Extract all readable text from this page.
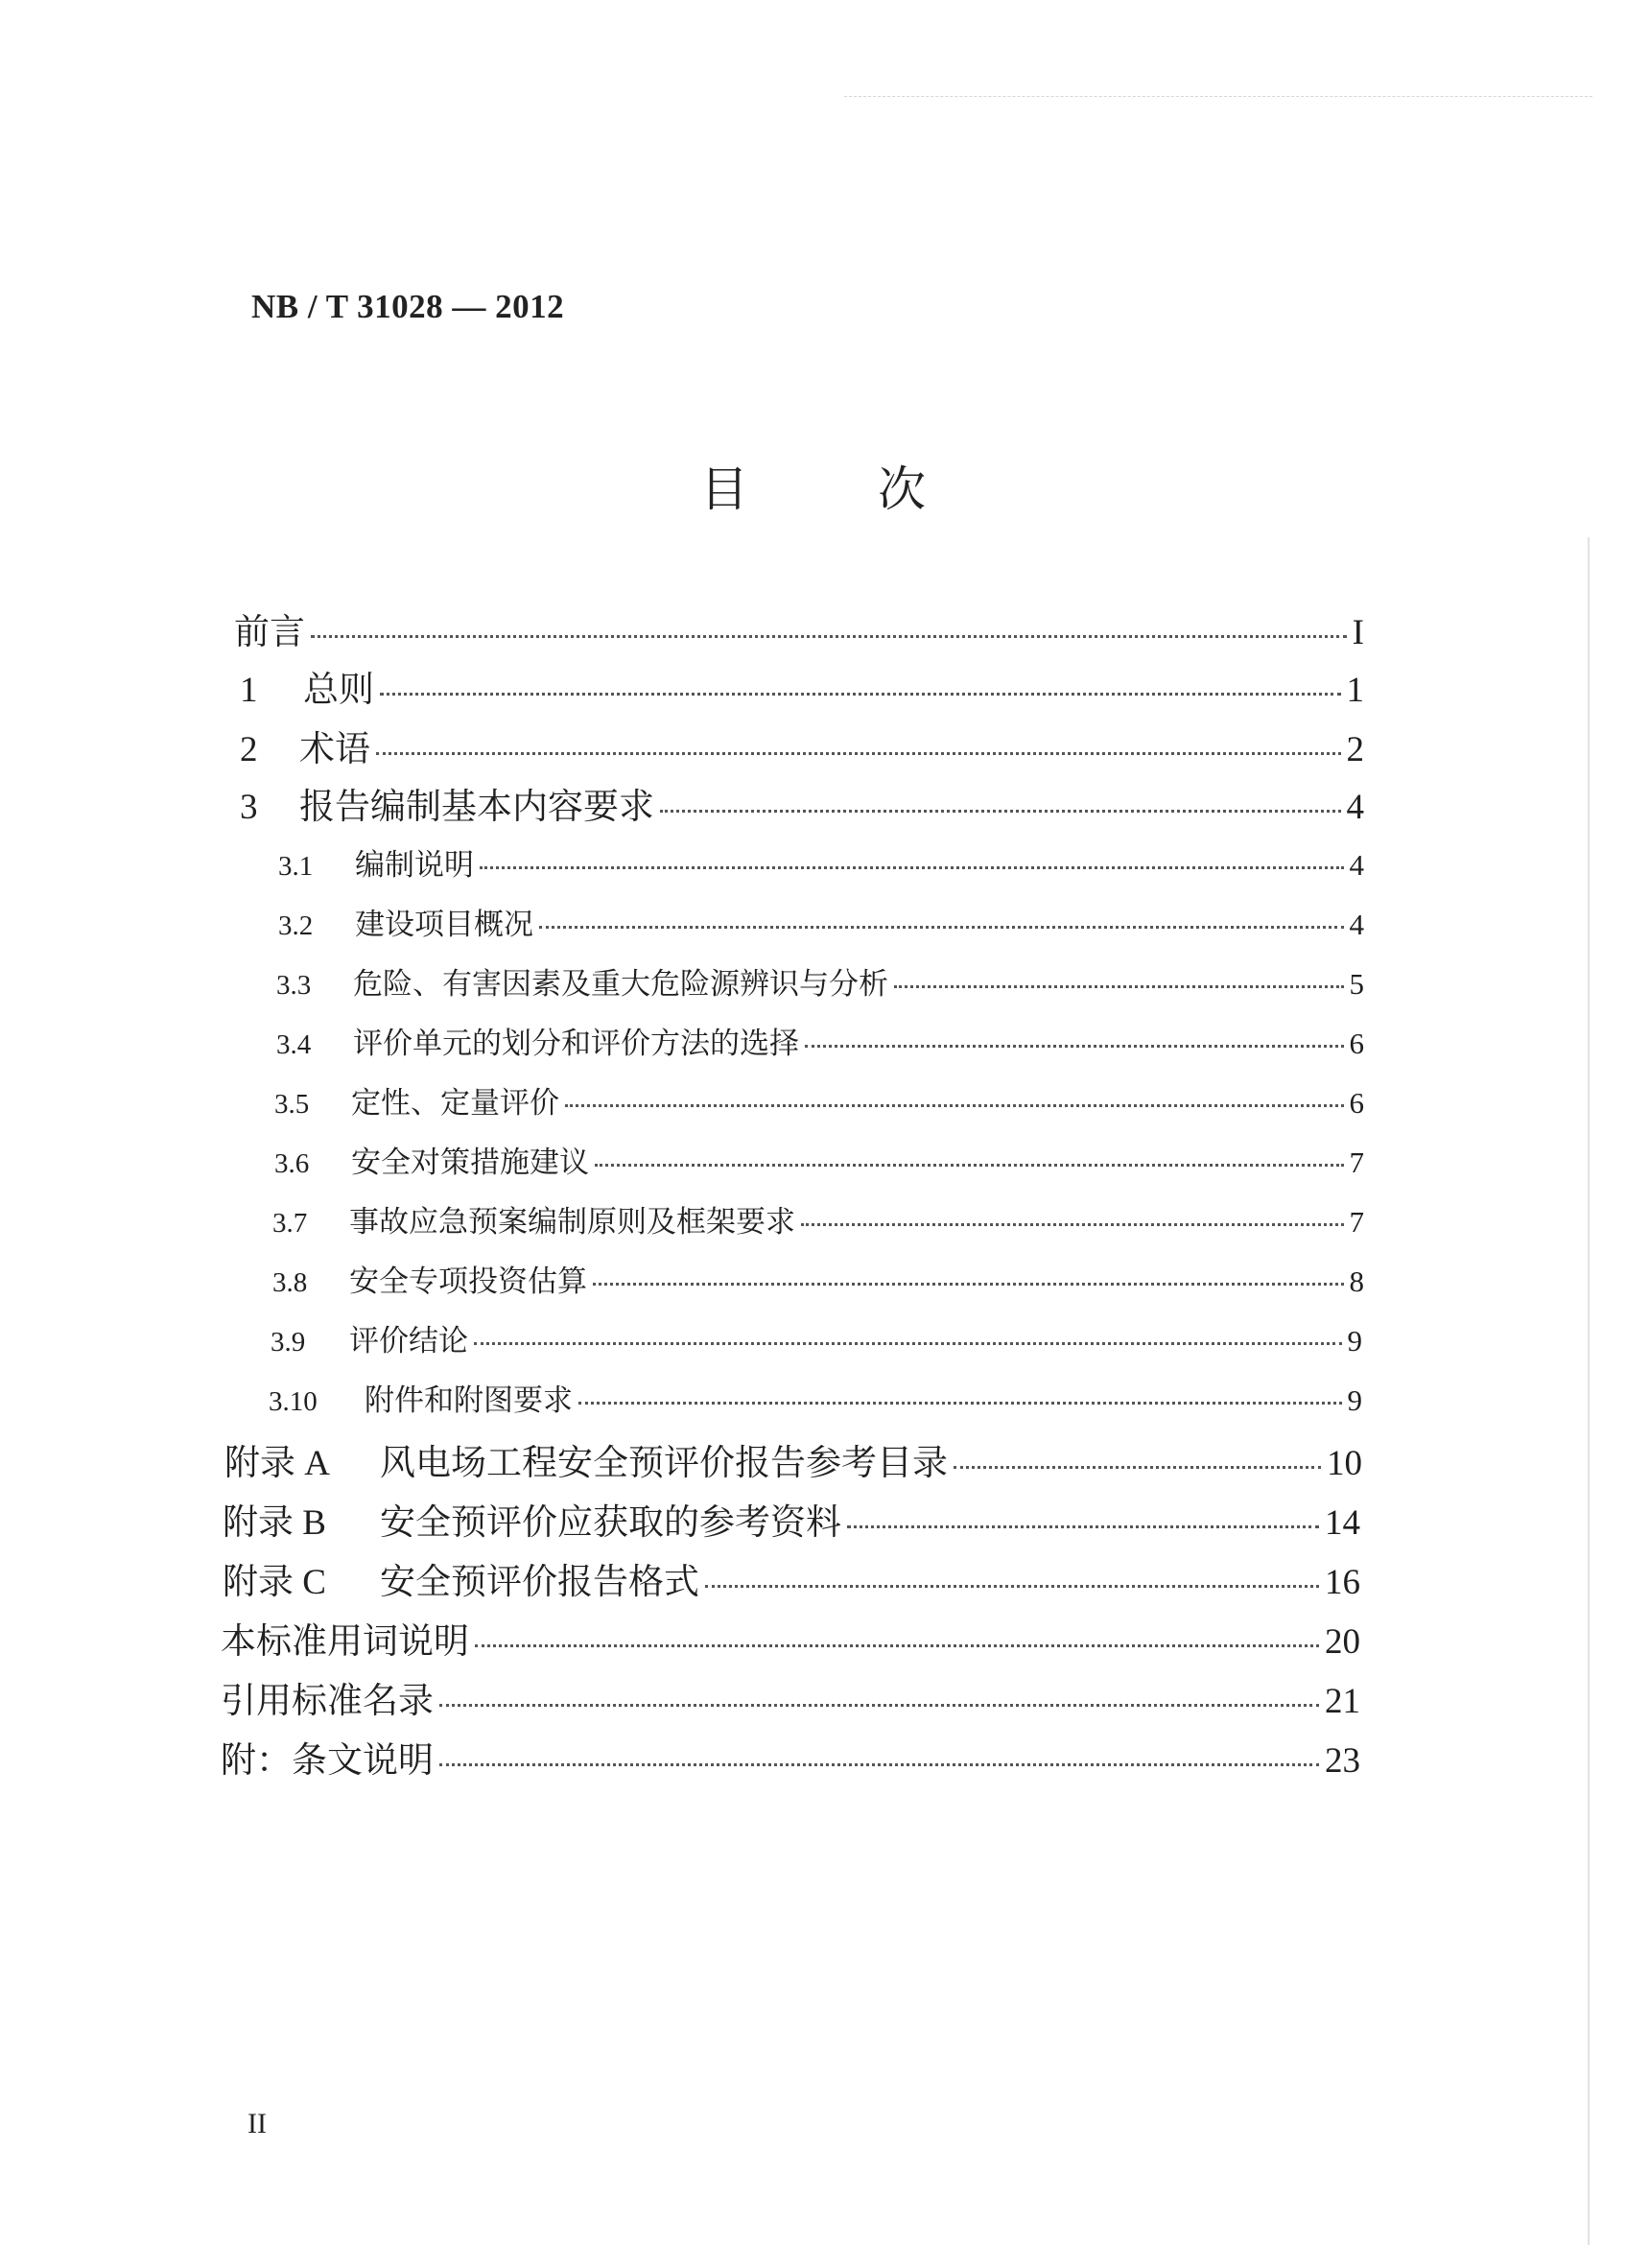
NB / T 31028 — 2012
目	次
前言	I
1	总则	1
2	术语	2
3	报告编制基本内容要求	4
3.1	编制说明	4
3.2	建设项目概况	4
3.3	危险、有害因素及重大危险源辨识与分析	5
3.4	评价单元的划分和评价方法的选择	6
3.5	定性、定量评价	6
3.6	安全对策措施建议	7
3.7	事故应急预案编制原则及框架要求	7
3.8	安全专项投资估算	8
3.9	评价结论	9
3.10	附件和附图要求	9
附录 A	风电场工程安全预评价报告参考目录	10
附录 B	安全预评价应获取的参考资料	14
附录 C	安全预评价报告格式	16
本标准用词说明	20
引用标准名录	21
附：条文说明	23
II
